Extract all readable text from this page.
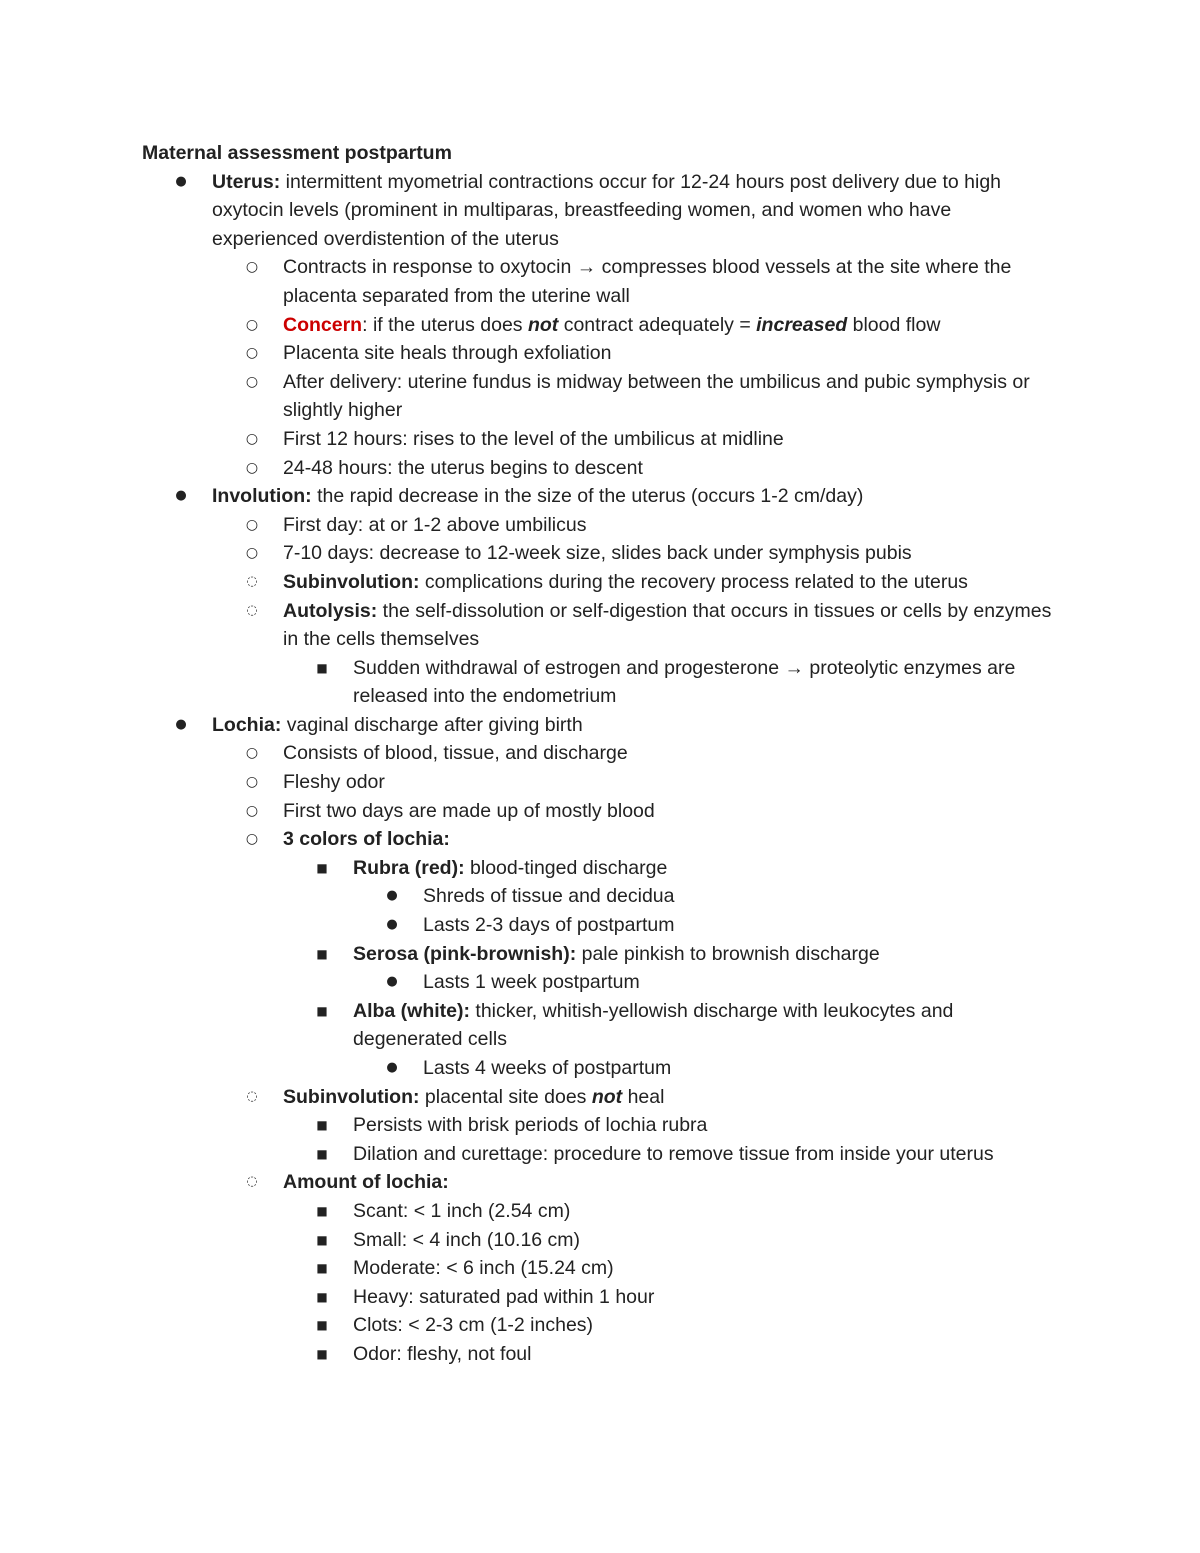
Maternal assessment postpartum
● Uterus: intermittent myometrial contractions occur for 12-24 hours post delivery due to high oxytocin levels (prominent in multiparas, breastfeeding women, and women who have experienced overdistention of the uterus
○ Contracts in response to oxytocin → compresses blood vessels at the site where the placenta separated from the uterine wall
○ Concern: if the uterus does not contract adequately = increased blood flow
○ Placenta site heals through exfoliation
○ After delivery: uterine fundus is midway between the umbilicus and pubic symphysis or slightly higher
○ First 12 hours: rises to the level of the umbilicus at midline
○ 24-48 hours: the uterus begins to descent
● Involution: the rapid decrease in the size of the uterus (occurs 1-2 cm/day)
○ First day: at or 1-2 above umbilicus
○ 7-10 days: decrease to 12-week size, slides back under symphysis pubis
◌ Subinvolution: complications during the recovery process related to the uterus
◌ Autolysis: the self-dissolution or self-digestion that occurs in tissues or cells by enzymes in the cells themselves
■ Sudden withdrawal of estrogen and progesterone → proteolytic enzymes are released into the endometrium
● Lochia: vaginal discharge after giving birth
○ Consists of blood, tissue, and discharge
○ Fleshy odor
○ First two days are made up of mostly blood
○ 3 colors of lochia:
■ Rubra (red): blood-tinged discharge
● Shreds of tissue and decidua
● Lasts 2-3 days of postpartum
■ Serosa (pink-brownish): pale pinkish to brownish discharge
● Lasts 1 week postpartum
■ Alba (white): thicker, whitish-yellowish discharge with leukocytes and degenerated cells
● Lasts 4 weeks of postpartum
◌ Subinvolution: placental site does not heal
■ Persists with brisk periods of lochia rubra
■ Dilation and curettage: procedure to remove tissue from inside your uterus
◌ Amount of lochia:
■ Scant: < 1 inch (2.54 cm)
■ Small: < 4 inch (10.16 cm)
■ Moderate: < 6 inch (15.24 cm)
■ Heavy: saturated pad within 1 hour
■ Clots: < 2-3 cm (1-2 inches)
■ Odor: fleshy, not foul
